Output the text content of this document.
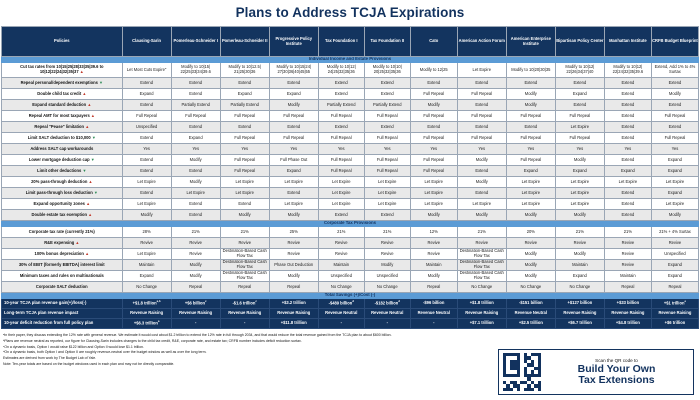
Plans to Address TCJA Expirations
Policies	Clausing-Sarin	Pomerleau-Schneider I	Pomerleau-Schneider II	Progressive Policy Institute	Tax Foundation I	Tax Foundation II	Cato	American Action Forum	American Enterprise Institute	Bipartisan Policy Center	Manhattan Institute	CRFB Budget Blueprint
Individual Income and Estate Provisions												
Cut tax rates from 10|15|25|28|33|35|39.6 to 10|12|22|24|32|35|37 ▲	Let Most Cuts Expire"	Modify to 10|15| 22|25|33|34|39.6	Modify to 10|12.5| 21|25|30|36	Modify to 10|15|24| 27|30|36|40|45|55	Modify to 10|12| 24|25|32|35|36	Modify to 10|10| 20|25|32|35|36	Modify to 12|25	Let Expire	Modify to 10|20|30|35	Modify to 10|12| 22|26|34|37|40	Modify to 10|12| 22|24|32|35|39.6	Extend, Add 1% to 4% Surtax
Repeal personal/dependent exemptions ▼	Extend	Extend	Extend	Extend	Extend	Extend	Extend	Extend	Extend	Extend	Extend	Extend
Double child tax credit ▲	Expand	Extend	Expand	Expand	Extend	Extend	Full Repeal	Full Repeal	Modify	Expand	Extend	Modify
Expand standard deduction ▲	Extend	Partially Extend	Partially Extend	Modify	Partially Extend	Partially Extend	Modify	Extend	Modify	Extend	Extend	Extend
Repeal AMT for most taxpayers ▲	Full Repeal	Full Repeal	Full Repeal	Full Repeal	Full Repeal	Full Repeal	Full Repeal	Full Repeal	Full Repeal	Full Repeal	Extend	Full Repeal
Repeal "Pease" limitation ▲	Unspecified	Extend	Extend	Extend	Extend	Extend	Extend	Extend	Extend	Let Expire	Extend	Extend
Limit SALT deduction to $10,000 ▼	Extend	Expand	Full Repeal	Full Repeal	Full Repeal	Full Repeal	Full Repeal	Full Repeal	Full Repeal	Full Repeal	Extend	Full Repeal
Address SALT cap workarounds	Yes	Yes	Yes	Yes	Yes	Yes	Yes	Yes	Yes	Yes	Yes	Yes
Lower mortgage deduction cap ▼	Extend	Modify	Full Repeal	Full Phase Out	Full Repeal	Full Repeal	Full Repeal	Modify	Full Repeal	Modify	Extend	Expand
Limit other deductions ▼	Extend	Extend	Full Repeal	Expand	Full Repeal	Full Repeal	Full Repeal	Extend	Expand	Expand	Expand	Expand
20% pass-through deduction ▲	Let Expire	Modify	Let Expire	Let Expire	Let Expire	Let Expire	Let Expire	Modify	Let Expire	Let Expire	Let Expire	Let Expire
Limit pass-through loss deduction ▼	Extend	Let Expire	Let Expire	Extend	Let Expire	Let Expire	Let Expire	Extend	Let Expire	Let Expire	Extend	Expand
Expand opportunity zones ▲	Let Expire	Extend	Extend	Let Expire	Let Expire	Let Expire	Let Expire	Let Expire	Let Expire	Let Expire	Extend	Let Expire
Double estate tax exemption ▲	Modify	Extend	Modify	Modify	Extend	Extend	Modify	Modify	Modify	Modify	Extend	Modify
Corporate Tax Provisions												
Corporate tax rate (currently 21%)	28%	21%	21%	25%	21%	21%	12%	21%	20%	21%	21%	21% + 4% Surtax
R&E expensing ▲	Revive	Revive	Revive	Revive	Revive	Revive	Revive	Revive	Revive	Revive	Revive	Revive
100% bonus depreciation ▲	Let Expire	Revive	Destination-Based Cash Flow Tax	Revive	Revive	Revive	Revive	Destination-Based Cash Flow Tax	Modify	Modify	Revive	Unspecified
30% of EBIT (formerly EBITDA) interest limit	Maintain	Modify	Destination-Based Cash Flow Tax	Phase Out Deduction	Maintain	Modify	Maintain	Destination-Based Cash Flow Tax	Modify	Maintain	Revive	Expand
Minimum taxes and rules on multinationals	Expand	Modify	Destination-Based Cash Flow Tax	Modify	Unspecified	Unspecified	Modify	Destination-Based Cash Flow Tax	Modify	Expand	Maintain	Expand
Corporate SALT deduction	No Change	Repeal	Repeal	Repeal	No Change	No Change	Repeal	No Change	No Change	No Change	Repeal	Repeal
Total Savings (+)/Cost (-)												
10-year TCJA plan revenue gain(+)/loss(-)	+$1.8 trillion$^{a,b}$	+$6 billion$^c$	-$1.6 trillion$^c$	+$3.2 trillion	-$489 billion$^d$	-$182 billion$^d$	-$96 billion	+$1.8 trillion	-$151 billion	+$127 billion	+$33 billion	+$1 trillion$^e$
Long-term TCJA plan revenue impact	Revenue Raising	Revenue Raising	Revenue Raising	Revenue Raising	Revenue Neutral	Revenue Neutral	Revenue Neutral	Revenue Raising	Revenue Neutral	Revenue Raising	Revenue Raising	Revenue Raising
10-year deficit reduction from full policy plan	+$6.3 trillion$^a$	-	-	+$11.8 trillion	-	-	-	+$7.1 trillion	+$2.5 trillion	+$6.7 trillion	+$4.8 trillion	+$6 trillion
ᵃIn their paper, they discuss extending the 12% rate with general revenue. We estimate it would cost about $1.2 trillion to extend the 12% rate in full through 2034, and that would reduce the total revenue gained from the TCJA plan to about $600 billion.
ᵇPlans are revenue neutral as reported, our figure for Clausing-Sarin includes changes to the child tax credit, R&E, corporate rate, and estate tax; CRFB number includes deficit reduction surtax.
ᶜOn a dynamic basis, Option I would raise $122 billion and Option II would lose $1.1 trillion.
ᵈOn a dynamic basis, both Option I and Option II are roughly revenue-neutral over the budget window as well as over the long term.
Estimates are derived from work by The Budget Lab of Yale.
Note: Ten-year totals are based on the budget windows used in each plan and may not be directly comparable.
Scan the QR code to
Build Your Own
Tax Extensions
